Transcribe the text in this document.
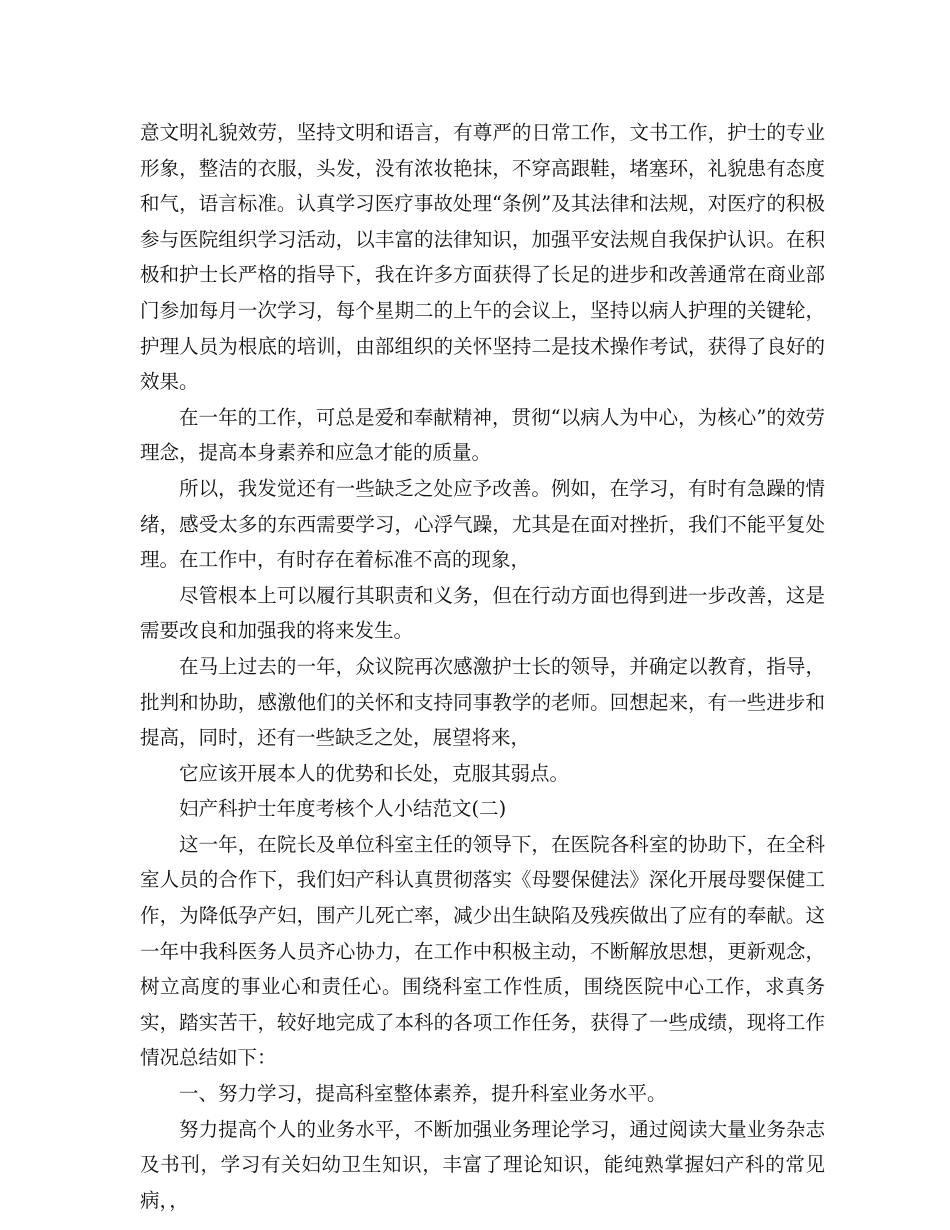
意文明礼貌效劳，坚持文明和语言，有尊严的日常工作，文书工作，护士的专业形象，整洁的衣服，头发，没有浓妆艳抹，不穿高跟鞋，堵塞环，礼貌患有态度和气，语言标准。认真学习医疗事故处理“条例”及其法律和法规，对医疗的积极参与医院组织学习活动，以丰富的法律知识，加强平安法规自我保护认识。在积极和护士长严格的指导下，我在许多方面获得了长足的进步和改善通常在商业部门参加每月一次学习，每个星期二的上午的会议上，坚持以病人护理的关键轮，护理人员为根底的培训，由部组织的关怀坚持二是技术操作考试，获得了良好的效果。

在一年的工作，可总是爱和奉献精神，贯彻“以病人为中心，为核心”的效劳理念，提高本身素养和应急才能的质量。

所以，我发觉还有一些缺乏之处应予改善。例如，在学习，有时有急躁的情绪，感受太多的东西需要学习，心浮气躁，尤其是在面对挫折，我们不能平复处理。在工作中，有时存在着标准不高的现象，

尽管根本上可以履行其职责和义务，但在行动方面也得到进一步改善，这是需要改良和加强我的将来发生。

在马上过去的一年，众议院再次感激护士长的领导，并确定以教育，指导，批判和协助，感激他们的关怀和支持同事教学的老师。回想起来，有一些进步和提高，同时，还有一些缺乏之处，展望将来，

它应该开展本人的优势和长处，克服其弱点。

妇产科护士年度考核个人小结范文(二)

这一年，在院长及单位科室主任的领导下，在医院各科室的协助下，在全科室人员的合作下，我们妇产科认真贯彻落实《母婴保健法》深化开展母婴保健工作，为降低孕产妇，围产儿死亡率，减少出生缺陷及残疾做出了应有的奉献。这一年中我科医务人员齐心协力，在工作中积极主动，不断解放思想，更新观念，树立高度的事业心和责任心。围绕科室工作性质，围绕医院中心工作，求真务实，踏实苦干，较好地完成了本科的各项工作任务，获得了一些成绩，现将工作情况总结如下：

一、努力学习，提高科室整体素养，提升科室业务水平。

努力提高个人的业务水平，不断加强业务理论学习，通过阅读大量业务杂志及书刊，学习有关妇幼卫生知识，丰富了理论知识，能纯熟掌握妇产科的常见病，，
